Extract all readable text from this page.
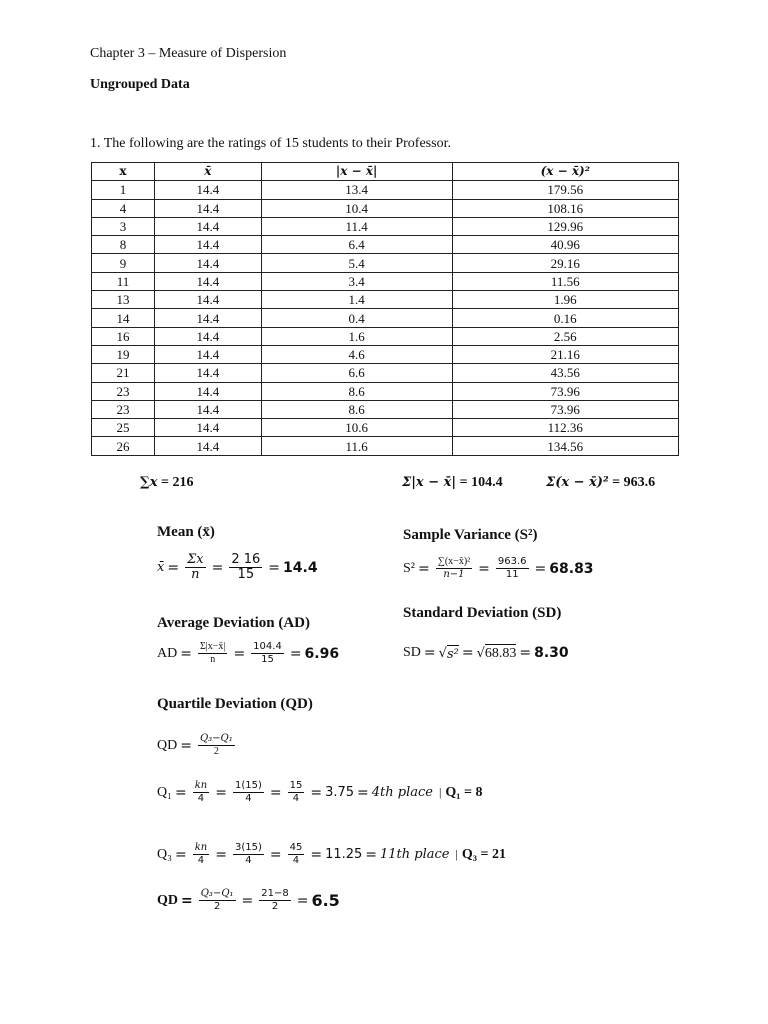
Chapter 3 – Measure of Dispersion
Ungrouped Data
1. The following are the ratings of 15 students to their Professor.
x	x̄	|x − x̄|	(x − x̄)²
1	14.4	13.4	179.56
4	14.4	10.4	108.16
3	14.4	11.4	129.96
8	14.4	6.4	40.96
9	14.4	5.4	29.16
11	14.4	3.4	11.56
13	14.4	1.4	1.96
14	14.4	0.4	0.16
16	14.4	1.6	2.56
19	14.4	4.6	21.16
21	14.4	6.6	43.56
23	14.4	8.6	73.96
23	14.4	8.6	73.96
25	14.4	10.6	112.36
26	14.4	11.6	134.56
∑x = 216	Σ|x − x̄| = 104.4	Σ(x − x̄)² = 963.6
Mean (x̄)
x̄ = $\frac{\Sigma x}{n} = \frac{2 16}{15} = 14.4$
Sample Variance (S²)
$S^2 = \frac{\text{∑(x−x̄)²}}{n-1} = \frac{963.6}{11} = 68.83$
Average Deviation (AD)
AD = $\frac{\Sigma|x-x̄|}{n} = \frac{104.4}{15} = 6.96$
Standard Deviation (SD)
SD = √ s² = √ 68.83 = 8.30
Quartile Deviation (QD)
QD = $\frac{\text{Q₃−Q₁}}{2}$
$Q_1 = \frac{kn}{4} = \frac{1(15)}{4} = \frac{15}{4} = 3.75 = 4th$ place | Q₁ = 8
$Q_3 = \frac{kn}{4} = \frac{3(15)}{4} = \frac{45}{4} = 11.25 = 11th$ place | Q₃ = 21
QD = $\frac{\text{Q₃−Q₁}}{2} = \frac{21-8}{2} = 6.5$
